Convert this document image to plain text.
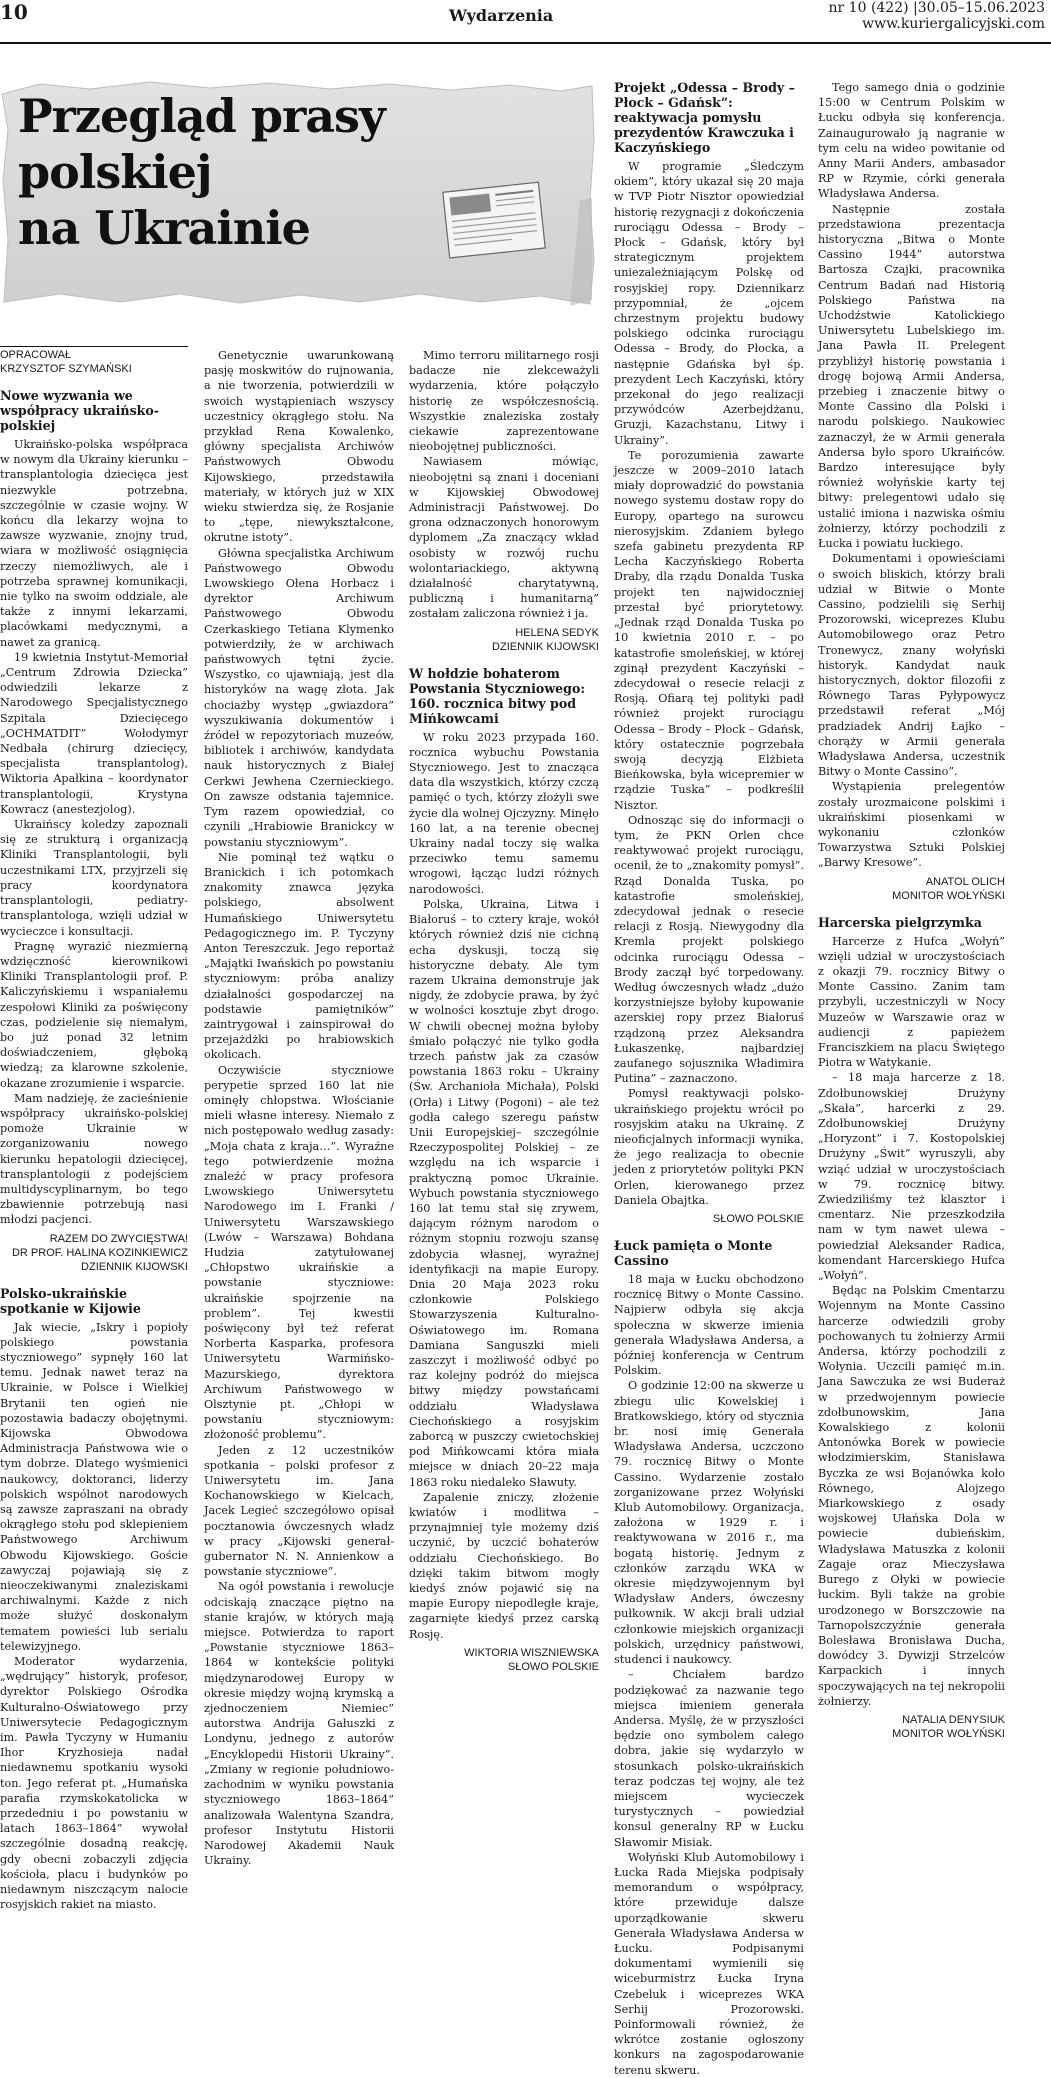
10	Wydarzenia	nr 10 (422) |30.05–15.06.2023
www.kuriergalicyjski.com
Przegląd prasy
polskiej
na Ukrainie

OPRACOWAŁ

KRZYSZTOF SZYMAŃSKI

Nowe wyzwania we współpracy ukraińsko-polskiej

Ukraińsko-polska współpraca w nowym dla Ukrainy kierunku – transplantologia dziecięca jest niezwykle potrzebna, szczególnie w czasie wojny. W końcu dla lekarzy wojna to zawsze wyzwanie, znojny trud, wiara w możliwość osiągnięcia rzeczy niemożliwych, ale i potrzeba sprawnej komunikacji, nie tylko na swoim oddziale, ale także z innymi lekarzami, placówkami medycznymi, a nawet za granicą.

19 kwietnia Instytut-Memoriał „Centrum Zdrowia Dziecka” odwiedzili lekarze z Narodowego Specjalistycznego Szpitala Dziecięcego „OCHMATDIT” Wołodymyr Nedbała (chirurg dziecięcy, specjalista transplantolog), Wiktoria Apałkina – koordynator transplantologii, Krystyna Kowracz (anestezjolog).

Ukraińscy koledzy zapoznali się ze strukturą i organizacją Kliniki Transplantologii, byli uczestnikami LTX, przyjrzeli się pracy koordynatora transplantologii, pediatry-transplantologa, wzięli udział w wycieczce i konsultacji.

Pragnę wyrazić niezmierną wdzięczność kierownikowi Kliniki Transplantologii prof. P. Kaliczyńskiemu i wspaniałemu zespołowi Kliniki za poświęcony czas, podzielenie się niemałym, bo już ponad 32 letnim doświadczeniem, głęboką wiedzą; za klarowne szkolenie, okazane zrozumienie i wsparcie.

Mam nadzieję, że zacieśnienie współpracy ukraińsko-polskiej pomoże Ukrainie w zorganizowaniu nowego kierunku hepatologii dziecięcej, transplantologii z podejściem multidyscyplinarnym, bo tego zbawiennie potrzebują nasi młodzi pacjenci.

RAZEM DO ZWYCIĘSTWA!

DR PROF. HALINA KOZINKIEWICZ

DZIENNIK KIJOWSKI

Polsko-ukraińskie spotkanie w Kijowie

Jak wiecie, „Iskry i popioły polskiego powstania styczniowego” sypnęły 160 lat temu. Jednak nawet teraz na Ukrainie, w Polsce i Wielkiej Brytanii ten ogień nie pozostawia badaczy obojętnymi. Kijowska Obwodowa Administracja Państwowa wie o tym dobrze. Dlatego wyśmienici naukowcy, doktoranci, liderzy polskich wspólnot narodowych są zawsze zapraszani na obrady okrągłego stołu pod sklepieniem Państwowego Archiwum Obwodu Kijowskiego. Goście zawyczaj pojawiają się z nieoczekiwanymi znaleziskami archiwalnymi. Każde z nich może służyć doskonałym tematem powieści lub serialu telewizyjnego.

Moderator wydarzenia, „wędrujący” historyk, profesor, dyrektor Polskiego Ośrodka Kulturalno-Oświatowego przy Uniwersytecie Pedagogicznym im. Pawła Tyczyny w Humaniu Ihor Kryzhosieja nadał niedawnemu spotkaniu wysoki ton. Jego referat pt. „Humańska parafia rzymskokatolicka w przededniu i po powstaniu w latach 1863–1864” wywołał szczególnie dosadną reakcję, gdy obecni zobaczyli zdjęcia kościoła, placu i budynków po niedawnym niszczącym nalocie rosyjskich rakiet na miasto.

Genetycznie uwarunkowaną pasję moskwitów do rujnowania, a nie tworzenia, potwierdzili w swoich wystąpieniach wszyscy uczestnicy okrągłego stołu. Na przykład Rena Kowalenko, główny specjalista Archiwów Państwowych Obwodu Kijowskiego, przedstawiła materiały, w których już w XIX wieku stwierdza się, że Rosjanie to „tępe, niewykształcone, okrutne istoty”.

Główna specjalistka Archiwum Państwowego Obwodu Lwowskiego Ołena Horbacz i dyrektor Archiwum Państwowego Obwodu Czerkaskiego Tetiana Klymenko potwierdziły, że w archiwach państwowych tętni życie. Wszystko, co ujawniają, jest dla historyków na wagę złota. Jak chociażby występ „gwiazdora” wyszukiwania dokumentów i źródeł w repozytoriach muzeów, bibliotek i archiwów, kandydata nauk historycznych z Białej Cerkwi Jewhena Czernieckiego. On zawsze odstania tajemnice. Tym razem opowiedział, co czynili „Hrabiowie Branickcy w powstaniu styczniowym”.

Nie pominął też wątku o Branickich i ich potomkach znakomity znawca języka polskiego, absolwent Humańskiego Uniwersytetu Pedagogicznego im. P. Tyczyny Anton Tereszczuk. Jego reportaż „Majątki Iwańskich po powstaniu styczniowym: próba analizy działalności gospodarczej na podstawie pamiętników” zaintrygował i zainspirował do przejażdżki po hrabiowskich okolicach.

Oczywiście styczniowe perypetie sprzed 160 lat nie ominęły chłopstwa. Włościanie mieli własne interesy. Niemało z nich postępowało według zasady: „Moja chata z kraja…”. Wyraźne tego potwierdzenie można znaleźć w pracy profesora Lwowskiego Uniwersytetu Narodowego im I. Franki / Uniwersytetu Warszawskiego (Lwów – Warszawa) Bohdana Hudzia zatytułowanej „Chłopstwo ukraińskie a powstanie styczniowe: ukraińskie spojrzenie na problem”. Tej kwestii poświęcony był też referat Norberta Kasparka, profesora Uniwersytetu Warmińsko-Mazurskiego, dyrektora Archiwum Państwowego w Olsztynie pt. „Chłopi w powstaniu styczniowym: złożoność problemu”.

Jeden z 12 uczestników spotkania – polski profesor z Uniwersytetu im. Jana Kochanowskiego w Kielcach, Jacek Legieć szczegółowo opisał pocztanowia ówczesnych władz w pracy „Kijowski generał-gubernator N. N. Annienkow a powstanie styczniowe”.

Na ogół powstania i rewolucje odciskają znaczące piętno na stanie krajów, w których mają miejsce. Potwierdza to raport „Powstanie styczniowe 1863–1864 w kontekście polityki międzynarodowej Europy w okresie między wojną krymską a zjednoczeniem Niemiec” autorstwa Andrija Gałuszki z Londynu, jednego z autorów „Encyklopedii Historii Ukrainy”. „Zmiany w regionie południowo-zachodnim w wyniku powstania styczniowego 1863–1864” analizowała Walentyna Szandra, profesor Instytutu Historii Narodowej Akademii Nauk Ukrainy.

Mimo terroru militarnego rosji badacze nie zlekceważyli wydarzenia, które połączyło historię ze współczesnością. Wszystkie znaleziska zostały ciekawie zaprezentowane nieobojętnej publiczności.

Nawiasem mówiąc, nieobojętni są znani i doceniani w Kijowskiej Obwodowej Administracji Państwowej. Do grona odznaczonych honorowym dyplomem „Za znaczący wkład osobisty w rozwój ruchu wolontariackiego, aktywną działalność charytatywną, publiczną i humanitarną” zostałam zaliczona również i ja.

HELENA SEDYK

DZIENNIK KIJOWSKI

W hołdzie bohaterom Powstania Styczniowego: 160. rocznica bitwy pod Mińkowcami

W roku 2023 przypada 160. rocznica wybuchu Powstania Styczniowego. Jest to znacząca data dla wszystkich, którzy czczą pamięć o tych, którzy złożyli swe życie dla wolnej Ojczyzny. Minęło 160 lat, a na terenie obecnej Ukrainy nadal toczy się walka przeciwko temu samemu wrogowi, łącząc ludzi różnych narodowości.

Polska, Ukraina, Litwa i Białoruś – to cztery kraje, wokół których również dziś nie cichną echa dyskusji, toczą się historyczne debaty. Ale tym razem Ukraina demonstruje jak nigdy, że zdobycie prawa, by żyć w wolności kosztuje zbyt drogo. W chwili obecnej można byłoby śmiało połączyć nie tylko godła trzech państw jak za czasów powstania 1863 roku – Ukrainy (Św. Archanioła Michała), Polski (Orła) i Litwy (Pogoni) – ale też godła całego szeregu państw Unii Europejskiej– szczególnie Rzeczypospolitej Polskiej – ze względu na ich wsparcie i praktyczną pomoc Ukrainie. Wybuch powstania styczniowego 160 lat temu stał się zrywem, dającym różnym narodom o różnym stopniu rozwoju szansę zdobycia własnej, wyraźnej identyfikacji na mapie Europy. Dnia 20 Maja 2023 roku członkowie Polskiego Stowarzyszenia Kulturalno-Oświatowego im. Romana Damiana Sanguszki mieli zaszczyt i możliwość odbyć po raz kolejny podróż do miejsca bitwy między powstańcami oddziału Władysława Ciechońskiego a rosyjskim zaborcą w puszczy cwietochskiej pod Mińkowcami która miała miejsce w dniach 20–22 maja 1863 roku niedaleko Sławuty.

Zapalenie zniczy, złożenie kwiatów i modlitwa –przynajmniej tyle możemy dziś uczynić, by uczcić bohaterów oddziału Ciechońskiego. Bo dzięki takim bitwom mogły kiedyś znów pojawić się na mapie Europy niepodległe kraje, zagarnięte kiedyś przez carską Rosję.

WIKTORIA WISZNIEWSKA

SŁOWO POLSKIE

Projekt „Odessa – Brody – Płock – Gdańsk”: reaktywacja pomysłu prezydentów Krawczuka i Kaczyńskiego

W programie „Śledczym okiem”, który ukazał się 20 maja w TVP Piotr Nisztor opowiedział historię rezygnacji z dokończenia rurociągu Odessa – Brody – Płock – Gdańsk, który był strategicznym projektem uniezależniającym Polskę od rosyjskiej ropy. Dziennikarz przypomniał, że „ojcem chrzestnym projektu budowy polskiego odcinka rurociągu Odessa – Brody, do Płocka, a następnie Gdańska był śp. prezydent Lech Kaczyński, który przekonał do jego realizacji przywódców Azerbejdżanu, Gruzji, Kazachstanu, Litwy i Ukrainy”.

Te porozumienia zawarte jeszcze w 2009–2010 latach miały doprowadzić do powstania nowego systemu dostaw ropy do Europy, opartego na surowcu nierosyjskim. Zdaniem byłego szefa gabinetu prezydenta RP Lecha Kaczyńskiego Roberta Draby, dla rządu Donalda Tuska projekt ten najwidoczniej przestał być priorytetowy. „Jednak rząd Donalda Tuska po 10 kwietnia 2010 r. – po katastrofie smoleńskiej, w której zginął prezydent Kaczyński – zdecydował o resecie relacji z Rosją. Ofiarą tej polityki padł również projekt rurociągu Odessa – Brody – Płock – Gdańsk, który ostatecznie pogrzebała swoją decyzją Elżbieta Bieńkowska, była wicepremier w rządzie Tuska” – podkreślił Nisztor.

Odnosząc się do informacji o tym, że PKN Orlen chce reaktywować projekt rurociągu, ocenił, że to „znakomity pomysł”. Rząd Donalda Tuska, po katastrofie smoleńskiej, zdecydował jednak o resecie relacji z Rosją. Niewygodny dla Kremla projekt polskiego odcinka rurociągu Odessa – Brody zaczął być torpedowany. Według ówczesnych władz „dużo korzystniejsze byłoby kupowanie azerskiej ropy przez Białoruś rządzoną przez Aleksandra Łukaszenkę, najbardziej zaufanego sojusznika Władimira Putina” – zaznaczono.

Pomysł reaktywacji polsko-ukraińskiego projektu wrócił po rosyjskim ataku na Ukrainę. Z nieoficjalnych informacji wynika, że jego realizacja to obecnie jeden z priorytetów polityki PKN Orlen, kierowanego przez Daniela Obajtka.

SŁOWO POLSKIE

Łuck pamięta o Monte Cassino

18 maja w Łucku obchodzono rocznicę Bitwy o Monte Cassino. Najpierw odbyła się akcja społeczna w skwerze imienia generała Władysława Andersa, a później konferencja w Centrum Polskim.

O godzinie 12:00 na skwerze u zbiegu ulic Kowelskiej i Bratkowskiego, który od stycznia br. nosi imię Generała Władysława Andersa, uczczono 79. rocznicę Bitwy o Monte Cassino. Wydarzenie zostało zorganizowane przez Wołyński Klub Automobilowy. Organizacja, założona w 1929 r. i reaktywowana w 2016 r., ma bogatą historię. Jednym z członków zarządu WKA w okresie międzywojennym był Władysław Anders, ówczesny pułkownik. W akcji brali udział członkowie miejskich organizacji polskich, urzędnicy państwowi, studenci i naukowcy.

– Chciałem bardzo podziękować za nazwanie tego miejsca imieniem generała Andersa. Myślę, że w przyszłości będzie ono symbolem całego dobra, jakie się wydarzyło w stosunkach polsko-ukraińskich teraz podczas tej wojny, ale też miejscem wycieczek turystycznych – powiedział konsul generalny RP w Łucku Sławomir Misiak.

Wołyński Klub Automobilowy i Łucka Rada Miejska podpisały memorandum o współpracy, które przewiduje dalsze uporządkowanie skweru Generała Władysława Andersa w Łucku. Podpisanymi dokumentami wymienili się wiceburmistrz Łucka Iryna Czebeluk i wiceprezes WKA Serhij Prozorowski. Poinformowali również, że wkrótce zostanie ogłoszony konkurs na zagospodarowanie terenu skweru.

Tego samego dnia o godzinie 15:00 w Centrum Polskim w Łucku odbyła się konferencja. Zainaugurowało ją nagranie w tym celu na wideo powitanie od Anny Marii Anders, ambasador RP w Rzymie, córki generała Władysława Andersa.

Następnie została przedstawiona prezentacja historyczna „Bitwa o Monte Cassino 1944” autorstwa Bartosza Czajki, pracownika Centrum Badań nad Historią Polskiego Państwa na Uchodźstwie Katolickiego Uniwersytetu Lubelskiego im. Jana Pawła II. Prelegent przybliżył historię powstania i drogę bojową Armii Andersa, przebieg i znaczenie bitwy o Monte Cassino dla Polski i narodu polskiego. Naukowiec zaznaczył, że w Armii generała Andersa było sporo Ukraińców. Bardzo interesujące były również wołyńskie karty tej bitwy: prelegentowi udało się ustalić imiona i nazwiska ośmiu żołnierzy, którzy pochodzili z Łucka i powiatu łuckiego.

Dokumentami i opowieściami o swoich bliskich, którzy brali udział w Bitwie o Monte Cassino, podzielili się Serhij Prozorowski, wiceprezes Klubu Automobilowego oraz Petro Tronewycz, znany wołyński historyk. Kandydat nauk historycznych, doktor filozofii z Równego Taras Pyłypowycz przedstawił referat „Mój pradziadek Andrij Łajko – chorąży w Armii generała Władysława Andersa, uczestnik Bitwy o Monte Cassino”.

Wystąpienia prelegentów zostały urozmaicone polskimi i ukraińskimi piosenkami w wykonaniu członków Towarzystwa Sztuki Polskiej „Barwy Kresowe”.

ANATOL OLICH

MONITOR WOŁYŃSKI

Harcerska pielgrzymka

Harcerze z Hufca „Wołyń” wzięli udział w uroczystościach z okazji 79. rocznicy Bitwy o Monte Cassino. Zanim tam przybyli, uczestniczyli w Nocy Muzeów w Warszawie oraz w audiencji z papieżem Franciszkiem na placu Świętego Piotra w Watykanie.

– 18 maja harcerze z 18. Zdołbunowskiej Drużyny „Skała”, harcerki z 29. Zdołbunowskiej Drużyny „Horyzont” i 7. Kostopolskiej Drużyny „Świt” wyruszyli, aby wziąć udział w uroczystościach w 79. rocznicę bitwy. Zwiedziliśmy też klasztor i cmentarz. Nie przeszkodziła nam w tym nawet ulewa – powiedział Aleksander Radica, komendant Harcerskiego Hufca „Wołyń”.

Będąc na Polskim Cmentarzu Wojennym na Monte Cassino harcerze odwiedzili groby pochowanych tu żołnierzy Armii Andersa, którzy pochodzili z Wołynia. Uczcili pamięć m.in. Jana Sawczuka ze wsi Buderaż w przedwojennym powiecie zdołbunowskim, Jana Kowalskiego z kolonii Antonówka Borek w powiecie włodzimierskim, Stanisława Byczka ze wsi Bojanówka koło Równego, Alojzego Miarkowskiego z osady wojskowej Ułańska Dola w powiecie dubieńskim, Władysława Matuszka z kolonii Zagaje oraz Mieczysława Burego z Ołyki w powiecie łuckim. Byli także na grobie urodzonego w Borszczowie na Tarnopolszczyźnie generała Bolesława Bronisława Ducha, dowódcy 3. Dywizji Strzelców Karpackich i innych spoczywających na tej nekropolii żołnierzy.

NATALIA DENYSIUK

MONITOR WOŁYŃSKI
